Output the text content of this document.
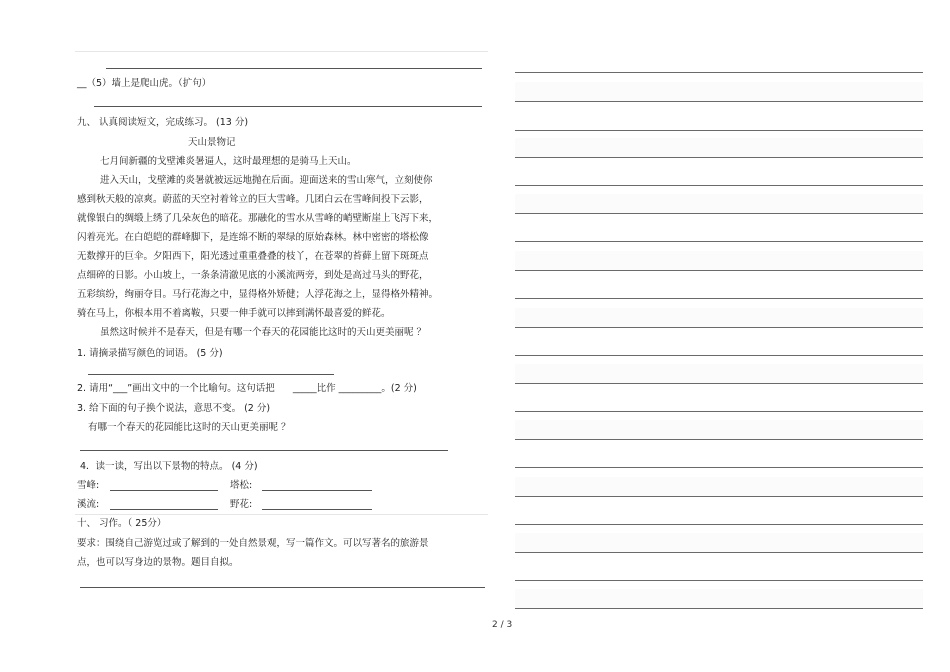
__（5）墙上是爬山虎。（扩句）
九、 认真阅读短文，完成练习。 (13 分)
天山景物记
七月间新疆的戈壁滩炎暑逼人，这时最理想的是骑马上天山。
进入天山，戈壁滩的炎暑就被远远地抛在后面。迎面送来的雪山寒气，立刻使你
感到秋天般的凉爽。蔚蓝的天空衬着耸立的巨大雪峰。几团白云在雪峰间投下云影，
就像银白的绸缎上绣了几朵灰色的暗花。那融化的雪水从雪峰的峭壁断崖上飞泻下来，
闪着亮光。在白皑皑的群峰脚下，是连绵不断的翠绿的原始森林。林中密密的塔松像
无数撑开的巨伞。夕阳西下，阳光透过重重叠叠的枝丫，在苍翠的苔藓上留下斑斑点
点细碎的日影。小山坡上，一条条清澈见底的小溪流两旁，到处是高过马头的野花，
五彩缤纷，绚丽夺目。马行花海之中，显得格外矫健；人浮花海之上，显得格外精神。
骑在马上，你根本用不着离鞍，只要一伸手就可以摔到满怀最喜爱的鲜花。
虽然这时候并不是春天，但是有哪一个春天的花园能比这时的天山更美丽呢 ？
1. 请摘录描写颜色的词语。 (5 分)
2. 请用“___”画出文中的一个比喻句。这句话把 _____比作 _________。(2 分)
3. 给下面的句子换个说法，意思不变。 (2 分)
有哪一个春天的花园能比这时的天山更美丽呢 ？
4．读一读，写出以下景物的特点。 (4 分)
雪峰:	塔松:
溪流:	野花:
十、 习作。（ 25分）
要求：围绕自己游览过或了解到的一处自然景观，写一篇作文。可以写著名的旅游景
点，也可以写身边的景物。题目自拟。
2 / 3
